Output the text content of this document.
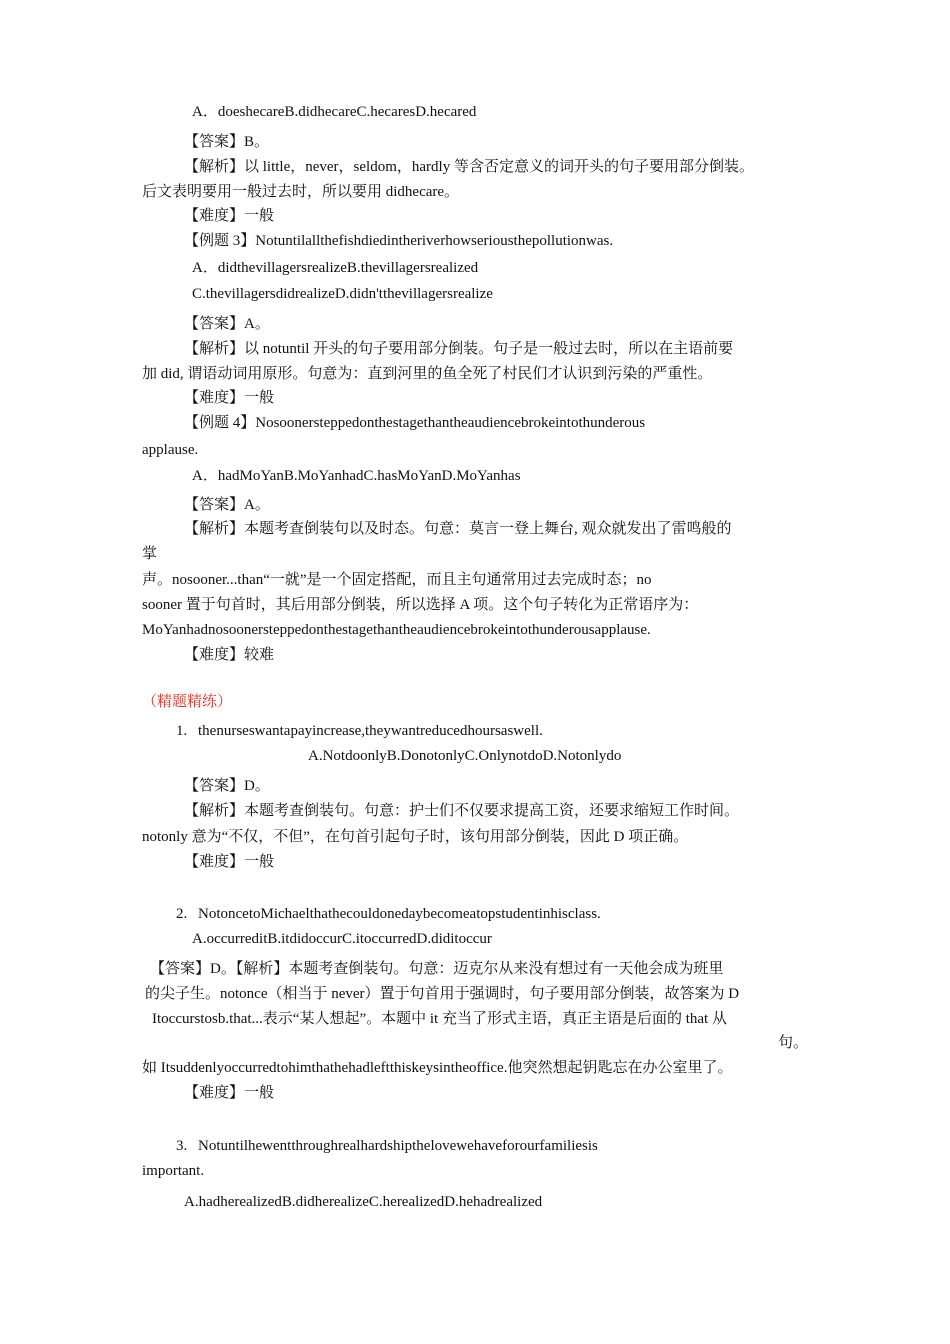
A．doeshecareB.didhecareC.hecaresD.hecared
【答案】B。
【解析】以 little，never，seldom，hardly 等含否定意义的词开头的句子要用部分倒装。
后文表明要用一般过去时，所以要用 didhecare。
【难度】一般
【例题 3】Notuntilallthefishdiedintheriverhowseriousthepollutionwas.
A．didthevillagersrealizeB.thevillagersrealized
C.thevillagersdidrealizeD.didn'tthevillagersrealize
【答案】A。
【解析】以 notuntil 开头的句子要用部分倒装。句子是一般过去时，所以在主语前要
加 did, 谓语动词用原形。句意为：直到河里的鱼全死了村民们才认识到污染的严重性。
【难度】一般
【例题 4】Nosoonersteppedonthestagethantheaudiencebrokeintothunderous
applause.
A．hadMoYanB.MoYanhadC.hasMoYanD.MoYanhas
【答案】A。
【解析】本题考查倒装句以及时态。句意：莫言一登上舞台, 观众就发出了雷鸣般的
掌
声。nosooner...than“一就”是一个固定搭配，而且主句通常用过去完成时态；no
sooner 置于句首时，其后用部分倒装，所以选择 A 项。这个句子转化为正常语序为：
MoYanhadnosoonersteppedonthestagethantheaudiencebrokeintothunderousapplause.
【难度】较难
（精题精练）
1. thenurseswantapayincrease,theywantreducedhoursaswell.
A.NotdoonlyB.DonotonlyC.OnlynotdoD.Notonlydo
【答案】D。
【解析】本题考查倒装句。句意：护士们不仅要求提高工资，还要求缩短工作时间。
notonly 意为“不仅，不但”，在句首引起句子时，该句用部分倒装，因此 D 项正确。
【难度】一般
2. NotoncetoMichaelthathecouldonedaybecomeatopstudentinhisclass.
A.occurreditB.itdidoccurC.itoccurredD.diditoccur
【答案】D。【解析】本题考查倒装句。句意：迈克尔从来没有想过有一天他会成为班里
的尖子生。notonce（相当于 never）置于句首用于强调时，句子要用部分倒装，故答案为 D
Itoccurstosb.that...表示“某人想起”。本题中 it 充当了形式主语，真正主语是后面的 that 从
句。
如 Itsuddenlyoccurredtohimthathehadleftthiskeysintheoffice.他突然想起钥匙忘在办公室里了。
【难度】一般
3. Notuntilhewentthroughrealhardshipthelovewehaveforourfamiliesis
important.
A.hadherealizedB.didherealizeC.herealizedD.hehadrealized
